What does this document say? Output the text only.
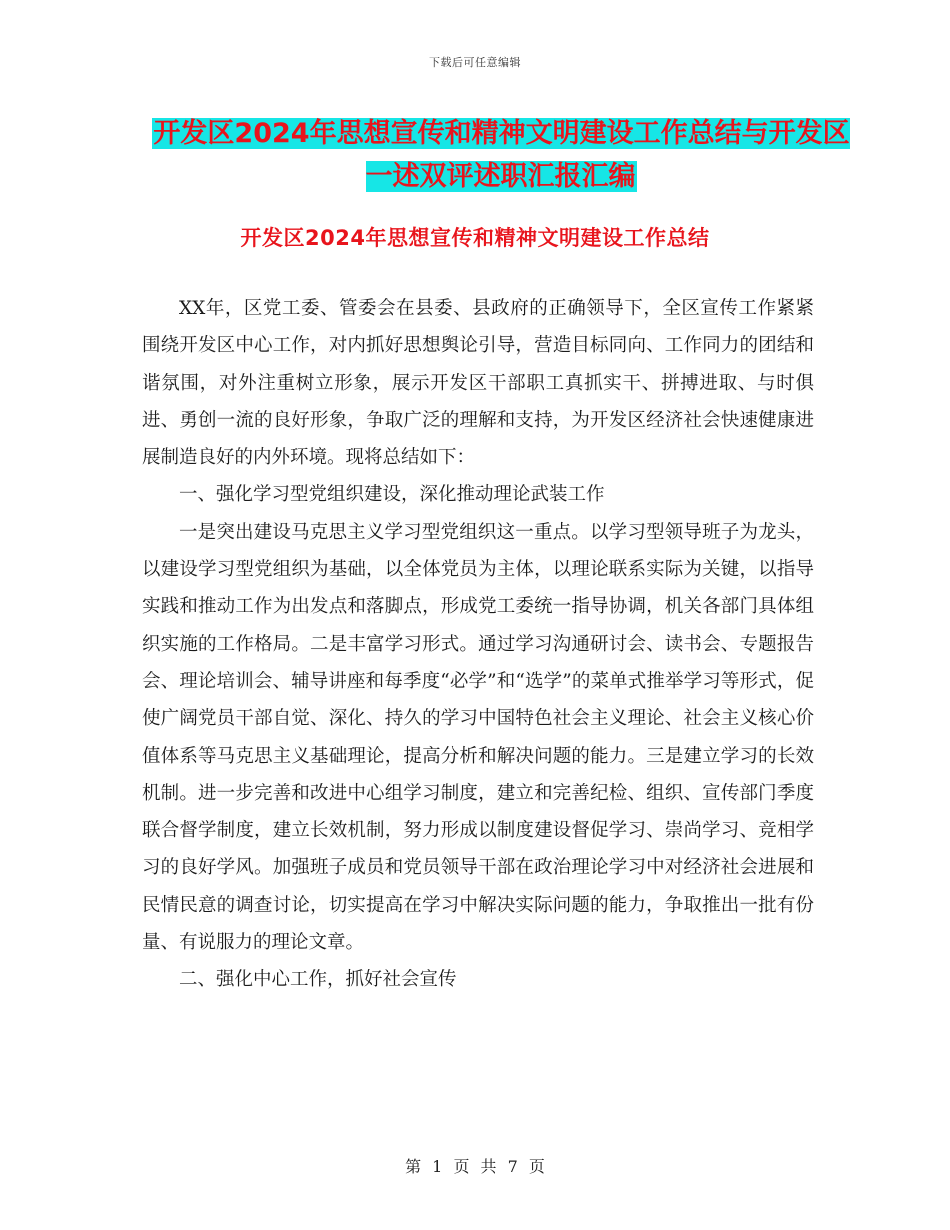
下载后可任意编辑
开发区2024年思想宣传和精神文明建设工作总结与开发区一述双评述职汇报汇编
开发区2024年思想宣传和精神文明建设工作总结

XX年，区党工委、管委会在县委、县政府的正确领导下，全区宣传工作紧紧围绕开发区中心工作，对内抓好思想舆论引导，营造目标同向、工作同力的团结和谐氛围，对外注重树立形象，展示开发区干部职工真抓实干、拼搏进取、与时俱进、勇创一流的良好形象，争取广泛的理解和支持，为开发区经济社会快速健康进展制造良好的内外环境。现将总结如下：

一、强化学习型党组织建设，深化推动理论武装工作

一是突出建设马克思主义学习型党组织这一重点。以学习型领导班子为龙头，以建设学习型党组织为基础，以全体党员为主体，以理论联系实际为关键，以指导实践和推动工作为出发点和落脚点，形成党工委统一指导协调，机关各部门具体组织实施的工作格局。二是丰富学习形式。通过学习沟通研讨会、读书会、专题报告会、理论培训会、辅导讲座和每季度“必学”和“选学”的菜单式推举学习等形式，促使广阔党员干部自觉、深化、持久的学习中国特色社会主义理论、社会主义核心价值体系等马克思主义基础理论，提高分析和解决问题的能力。三是建立学习的长效机制。进一步完善和改进中心组学习制度，建立和完善纪检、组织、宣传部门季度联合督学制度，建立长效机制，努力形成以制度建设督促学习、崇尚学习、竞相学习的良好学风。加强班子成员和党员领导干部在政治理论学习中对经济社会进展和民情民意的调查讨论，切实提高在学习中解决实际问题的能力，争取推出一批有份量、有说服力的理论文章。

二、强化中心工作，抓好社会宣传

第 1 页 共 7 页
